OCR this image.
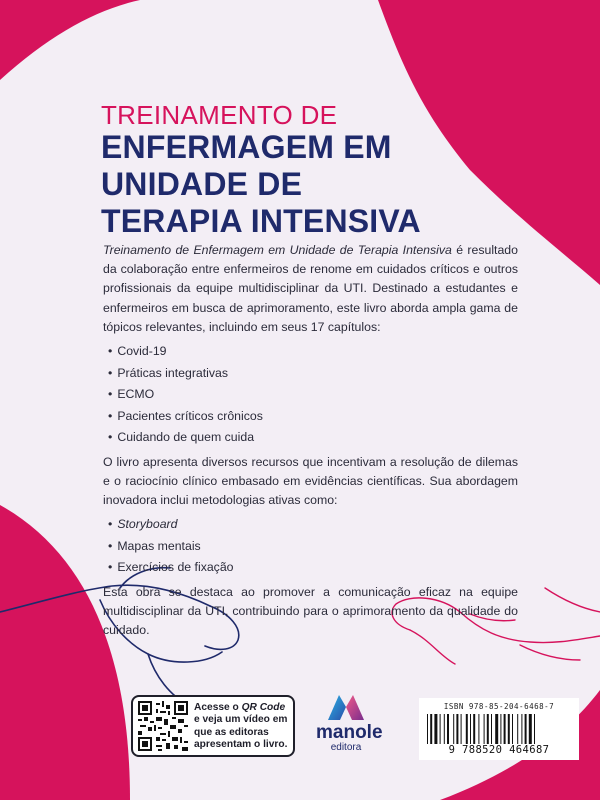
TREINAMENTO DE
ENFERMAGEM EM
UNIDADE DE
TERAPIA INTENSIVA

Treinamento de Enfermagem em Unidade de Terapia Intensiva é resultado da colaboração entre enfermeiros de renome em cuidados críticos e outros profissionais da equipe multidisciplinar da UTI. Destinado a estudantes e enfermeiros em busca de aprimoramento, este livro aborda ampla gama de tópicos relevantes, incluindo em seus 17 capítulos:

• Covid-19
• Práticas integrativas
• ECMO
• Pacientes críticos crônicos
• Cuidando de quem cuida

O livro apresenta diversos recursos que incentivam a resolução de dilemas e o raciocínio clínico embasado em evidências científicas. Sua abordagem inovadora inclui metodologias ativas como:

• Storyboard
• Mapas mentais
• Exercícios de fixação

Esta obra se destaca ao promover a comunicação eficaz na equipe multidisciplinar da UTI, contribuindo para o aprimoramento da qualidade do cuidado.

Acesse o QR Code e veja um vídeo em que as editoras apresentam o livro.
manole
editora
ISBN 978-85-204-6468-7
9 788520 464687
